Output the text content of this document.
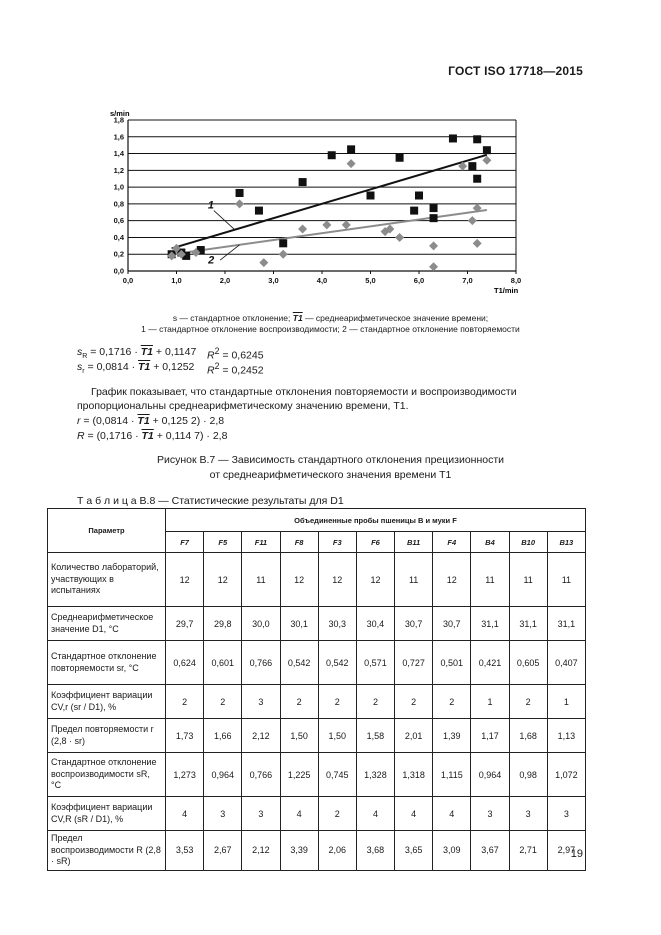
ГОСТ ISO 17718—2015
0,0
0,2
0,4
0,6
0,8
1,0
1,2
1,4
1,6
1,8
0,0	1,0	2,0	3,0	4,0	5,0	6,0	7,0	8,0
1
2
s/min
T1/min
s — стандартное отклонение; T1 — среднеарифметическое значение времени;
1 — стандартное отклонение воспроизводимости; 2 — стандартное отклонение повторяемости
$s_R = 0,1716 \cdot T1 + 0,1147$ $R^2 = 0,6245$
$s_r = 0,0814 \cdot T1 + 0,1252$ $R^2 = 0,2452$
График показывает, что стандартные отклонения повторяемости и воспроизводимости пропорциональны среднеарифметическому значению времени, T1.
r = (0,0814 · T1 + 0,125 2) · 2,8
R = (0,1716 · T1 + 0,114 7) · 2,8
Рисунок В.7 — Зависимость стандартного отклонения прецизионности
от среднеарифметического значения времени T1
Т а б л и ц а В.8 — Статистические результаты для D1
Параметр	Объединенные пробы пшеницы B и муки F										
	F7	F5	F11	F8	F3	F6	B11	F4	B4	B10	B13
Количество лабораторий, участвующих в испытаниях	12	12	11	12	12	12	11	12	11	11	11
Среднеарифметическое значение D1, °C	29,7	29,8	30,0	30,1	30,3	30,4	30,7	30,7	31,1	31,1	31,1
Стандартное отклонение повторяемости sr, °C	0,624	0,601	0,766	0,542	0,542	0,571	0,727	0,501	0,421	0,605	0,407
Коэффициент вариации CV,r (sr / D1), %	2	2	3	2	2	2	2	2	1	2	1
Предел повторяемости r (2,8 · sr)	1,73	1,66	2,12	1,50	1,50	1,58	2,01	1,39	1,17	1,68	1,13
Стандартное отклонение воспроизводимости sR, °C	1,273	0,964	0,766	1,225	0,745	1,328	1,318	1,115	0,964	0,98	1,072
Коэффициент вариации CV,R (sR / D1), %	4	3	3	4	2	4	4	4	3	3	3
Предел воспроизводимости R (2,8 · sR)	3,53	2,67	2,12	3,39	2,06	3,68	3,65	3,09	3,67	2,71	2,97
19
